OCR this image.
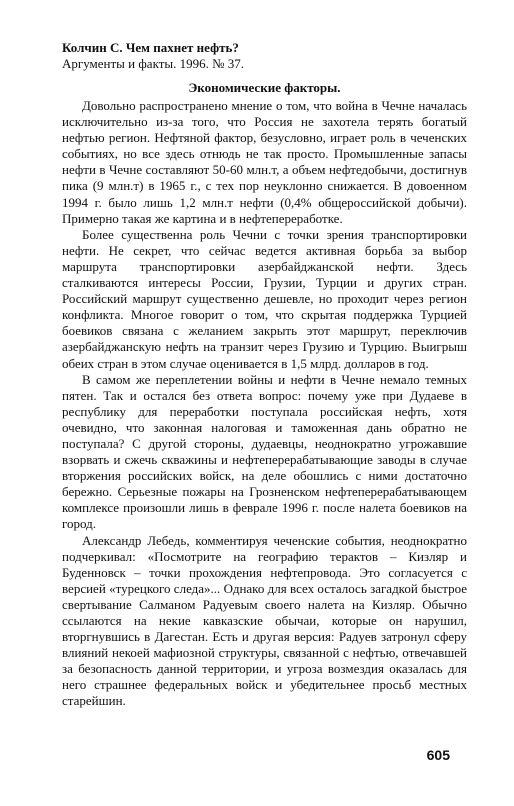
Колчин С. Чем пахнет нефть?

Аргументы и факты. 1996. № 37.

Экономические факторы.

Довольно распространено мнение о том, что война в Чечне началась исключительно из-за того, что Россия не захотела терять богатый нефтью регион. Нефтяной фактор, безусловно, играет роль в чеченских событиях, но все здесь отнюдь не так просто. Промышленные запасы нефти в Чечне составляют 50-60 млн.т, а объем нефтедобычи, достигнув пика (9 млн.т) в 1965 г., с тех пор неуклонно снижается. В довоенном 1994 г. было лишь 1,2 млн.т нефти (0,4% общероссийской добычи). Примерно такая же картина и в нефтепереработке.

Более существенна роль Чечни с точки зрения транспортировки нефти. Не секрет, что сейчас ведется активная борьба за выбор маршрута транспортировки азербайджанской нефти. Здесь сталкиваются интересы России, Грузии, Турции и других стран. Российский маршрут существенно дешевле, но проходит через регион конфликта. Многое говорит о том, что скрытая поддержка Турцией боевиков связана с желанием закрыть этот маршрут, переключив азербайджанскую нефть на транзит через Грузию и Турцию. Выигрыш обеих стран в этом случае оценивается в 1,5 млрд. долларов в год.

В самом же переплетении войны и нефти в Чечне немало темных пятен. Так и остался без ответа вопрос: почему уже при Дудаеве в республику для переработки поступала российская нефть, хотя очевидно, что законная налоговая и таможенная дань обратно не поступала? С другой стороны, дудаевцы, неоднократно угрожавшие взорвать и сжечь скважины и нефтеперерабатывающие заводы в случае вторжения российских войск, на деле обошлись с ними достаточно бережно. Серьезные пожары на Грозненском нефтеперерабатывающем комплексе произошли лишь в феврале 1996 г. после налета боевиков на город.

Александр Лебедь, комментируя чеченские события, неоднократно подчеркивал: «Посмотрите на географию терактов – Кизляр и Буденновск – точки прохождения нефтепровода. Это согласуется с версией «турецкого следа»... Однако для всех осталось загадкой быстрое свертывание Салманом Радуевым своего налета на Кизляр. Обычно ссылаются на некие кавказские обычаи, которые он нарушил, вторгнувшись в Дагестан. Есть и другая версия: Радуев затронул сферу влияний некоей мафиозной структуры, связанной с нефтью, отвечавшей за безопасность данной территории, и угроза возмездия оказалась для него страшнее федеральных войск и убедительнее просьб местных старейшин.

605
